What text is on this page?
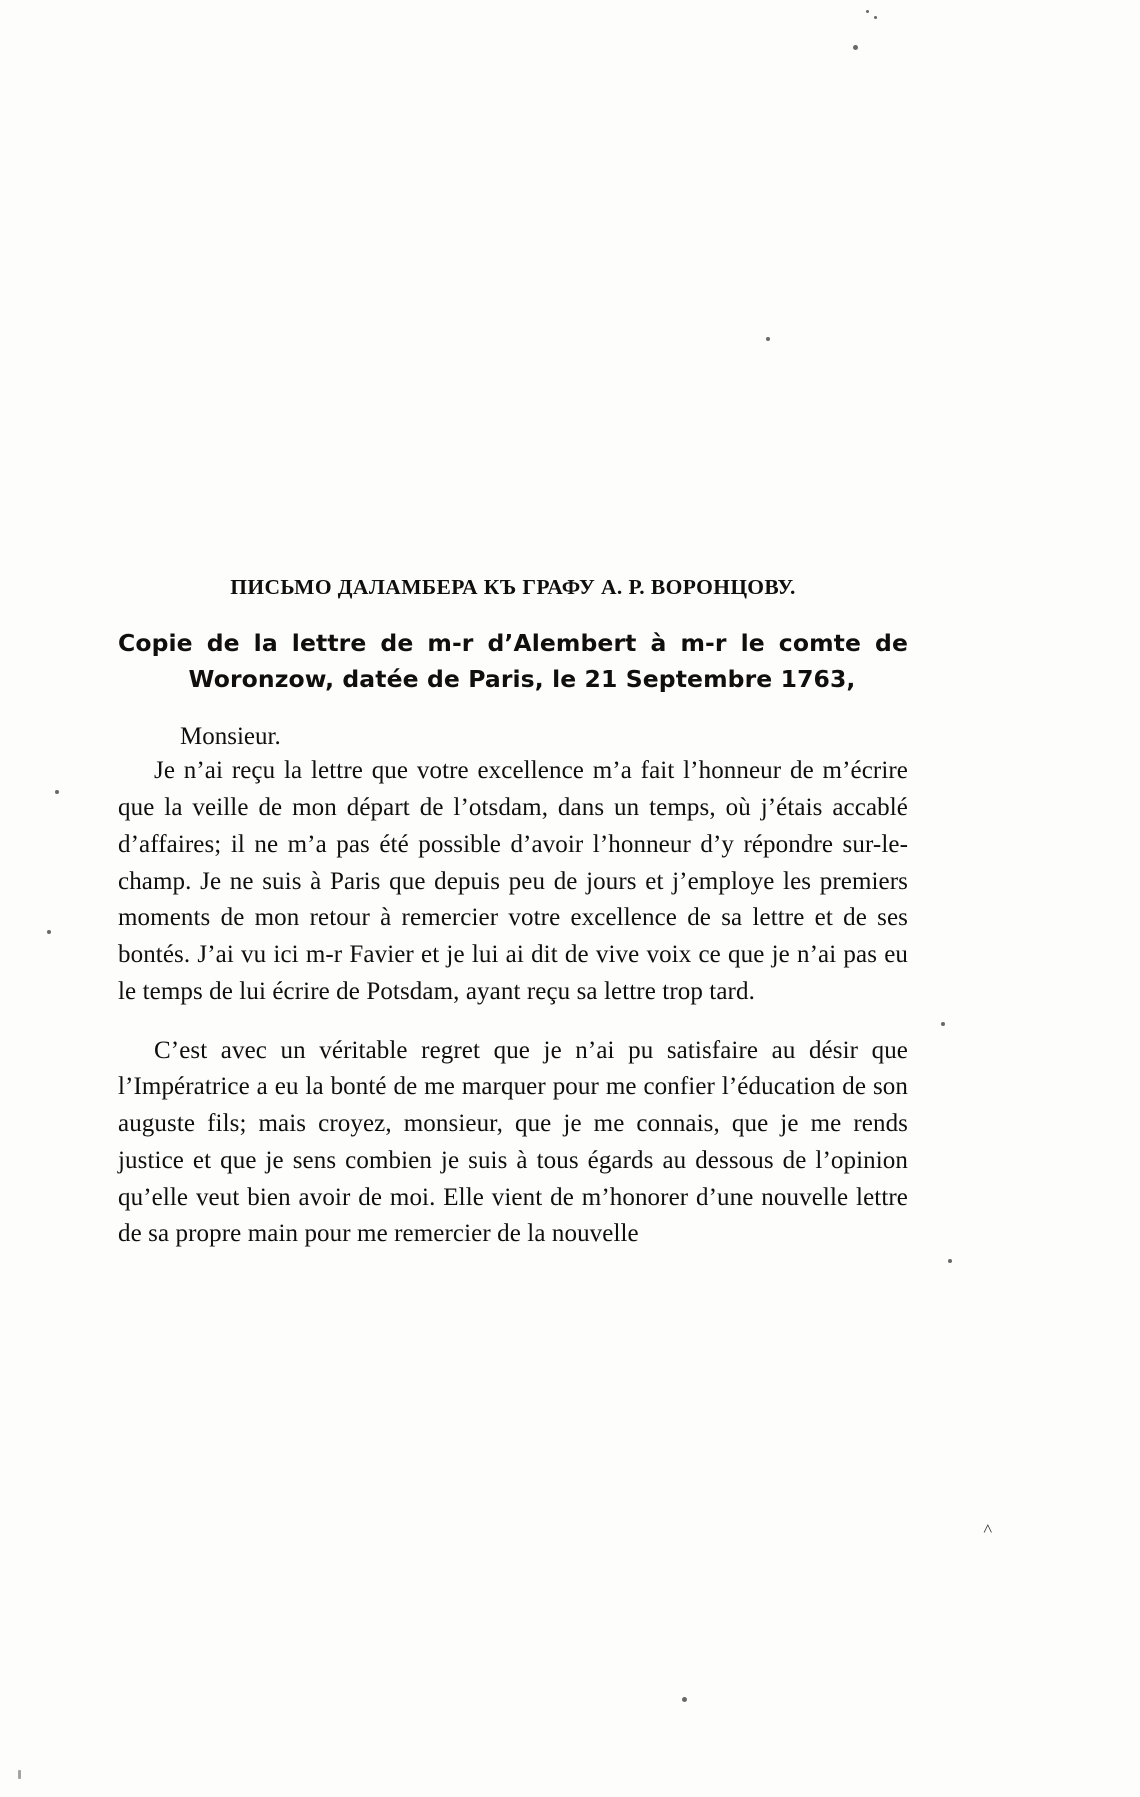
˄
ПИСЬМО ДАЛАМБЕРА КЪ ГРАФУ А. Р. ВОРОНЦОВУ.
Copie de la lettre de m-r d’Alembert à m-r le comte de
Woronzow, datée de Paris, le 21 Septembre 1763,
Monsieur.

Je n’ai reçu la lettre que votre excellence m’a fait l’honneur de m’écrire que la veille de mon départ de l’otsdam, dans un temps, où j’étais accablé d’affaires; il ne m’a pas été possible d’avoir l’honneur d’y répondre sur-le-champ. Je ne suis à Paris que depuis peu de jours et j’employe les premiers moments de mon retour à remercier votre excellence de sa lettre et de ses bontés. J’ai vu ici m-r Favier et je lui ai dit de vive voix ce que je n’ai pas eu le temps de lui écrire de Potsdam, ayant reçu sa lettre trop tard.

C’est avec un véritable regret que je n’ai pu satisfaire au désir que l’Impératrice a eu la bonté de me marquer pour me confier l’éducation de son auguste fils; mais croyez, monsieur, que je me connais, que je me rends justice et que je sens combien je suis à tous égards au dessous de l’opinion qu’elle veut bien avoir de moi. Elle vient de m’honorer d’une nouvelle lettre de sa propre main pour me remercier de la nouvelle
